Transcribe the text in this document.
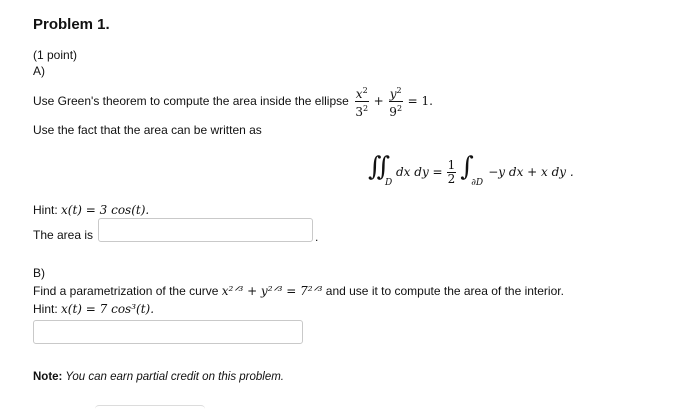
Problem 1.
(1 point)
A)
Use Green's theorem to compute the area inside the ellipse $\frac{x^2}{3^2} + \frac{y^2}{9^2} = 1$.
Use the fact that the area can be written as
∬
D
dx dy = $\frac{1}{2}$ ∫
∂D
−y dx + x dy .
Hint: x(t) = 3 cos(t).
The area is	.
B)
Find a parametrization of the curve x²ᐟ³ + y²ᐟ³ = 7²ᐟ³ and use it to compute the area of the interior.
Hint: x(t) = 7 cos³(t).
Note: You can earn partial credit on this problem.
